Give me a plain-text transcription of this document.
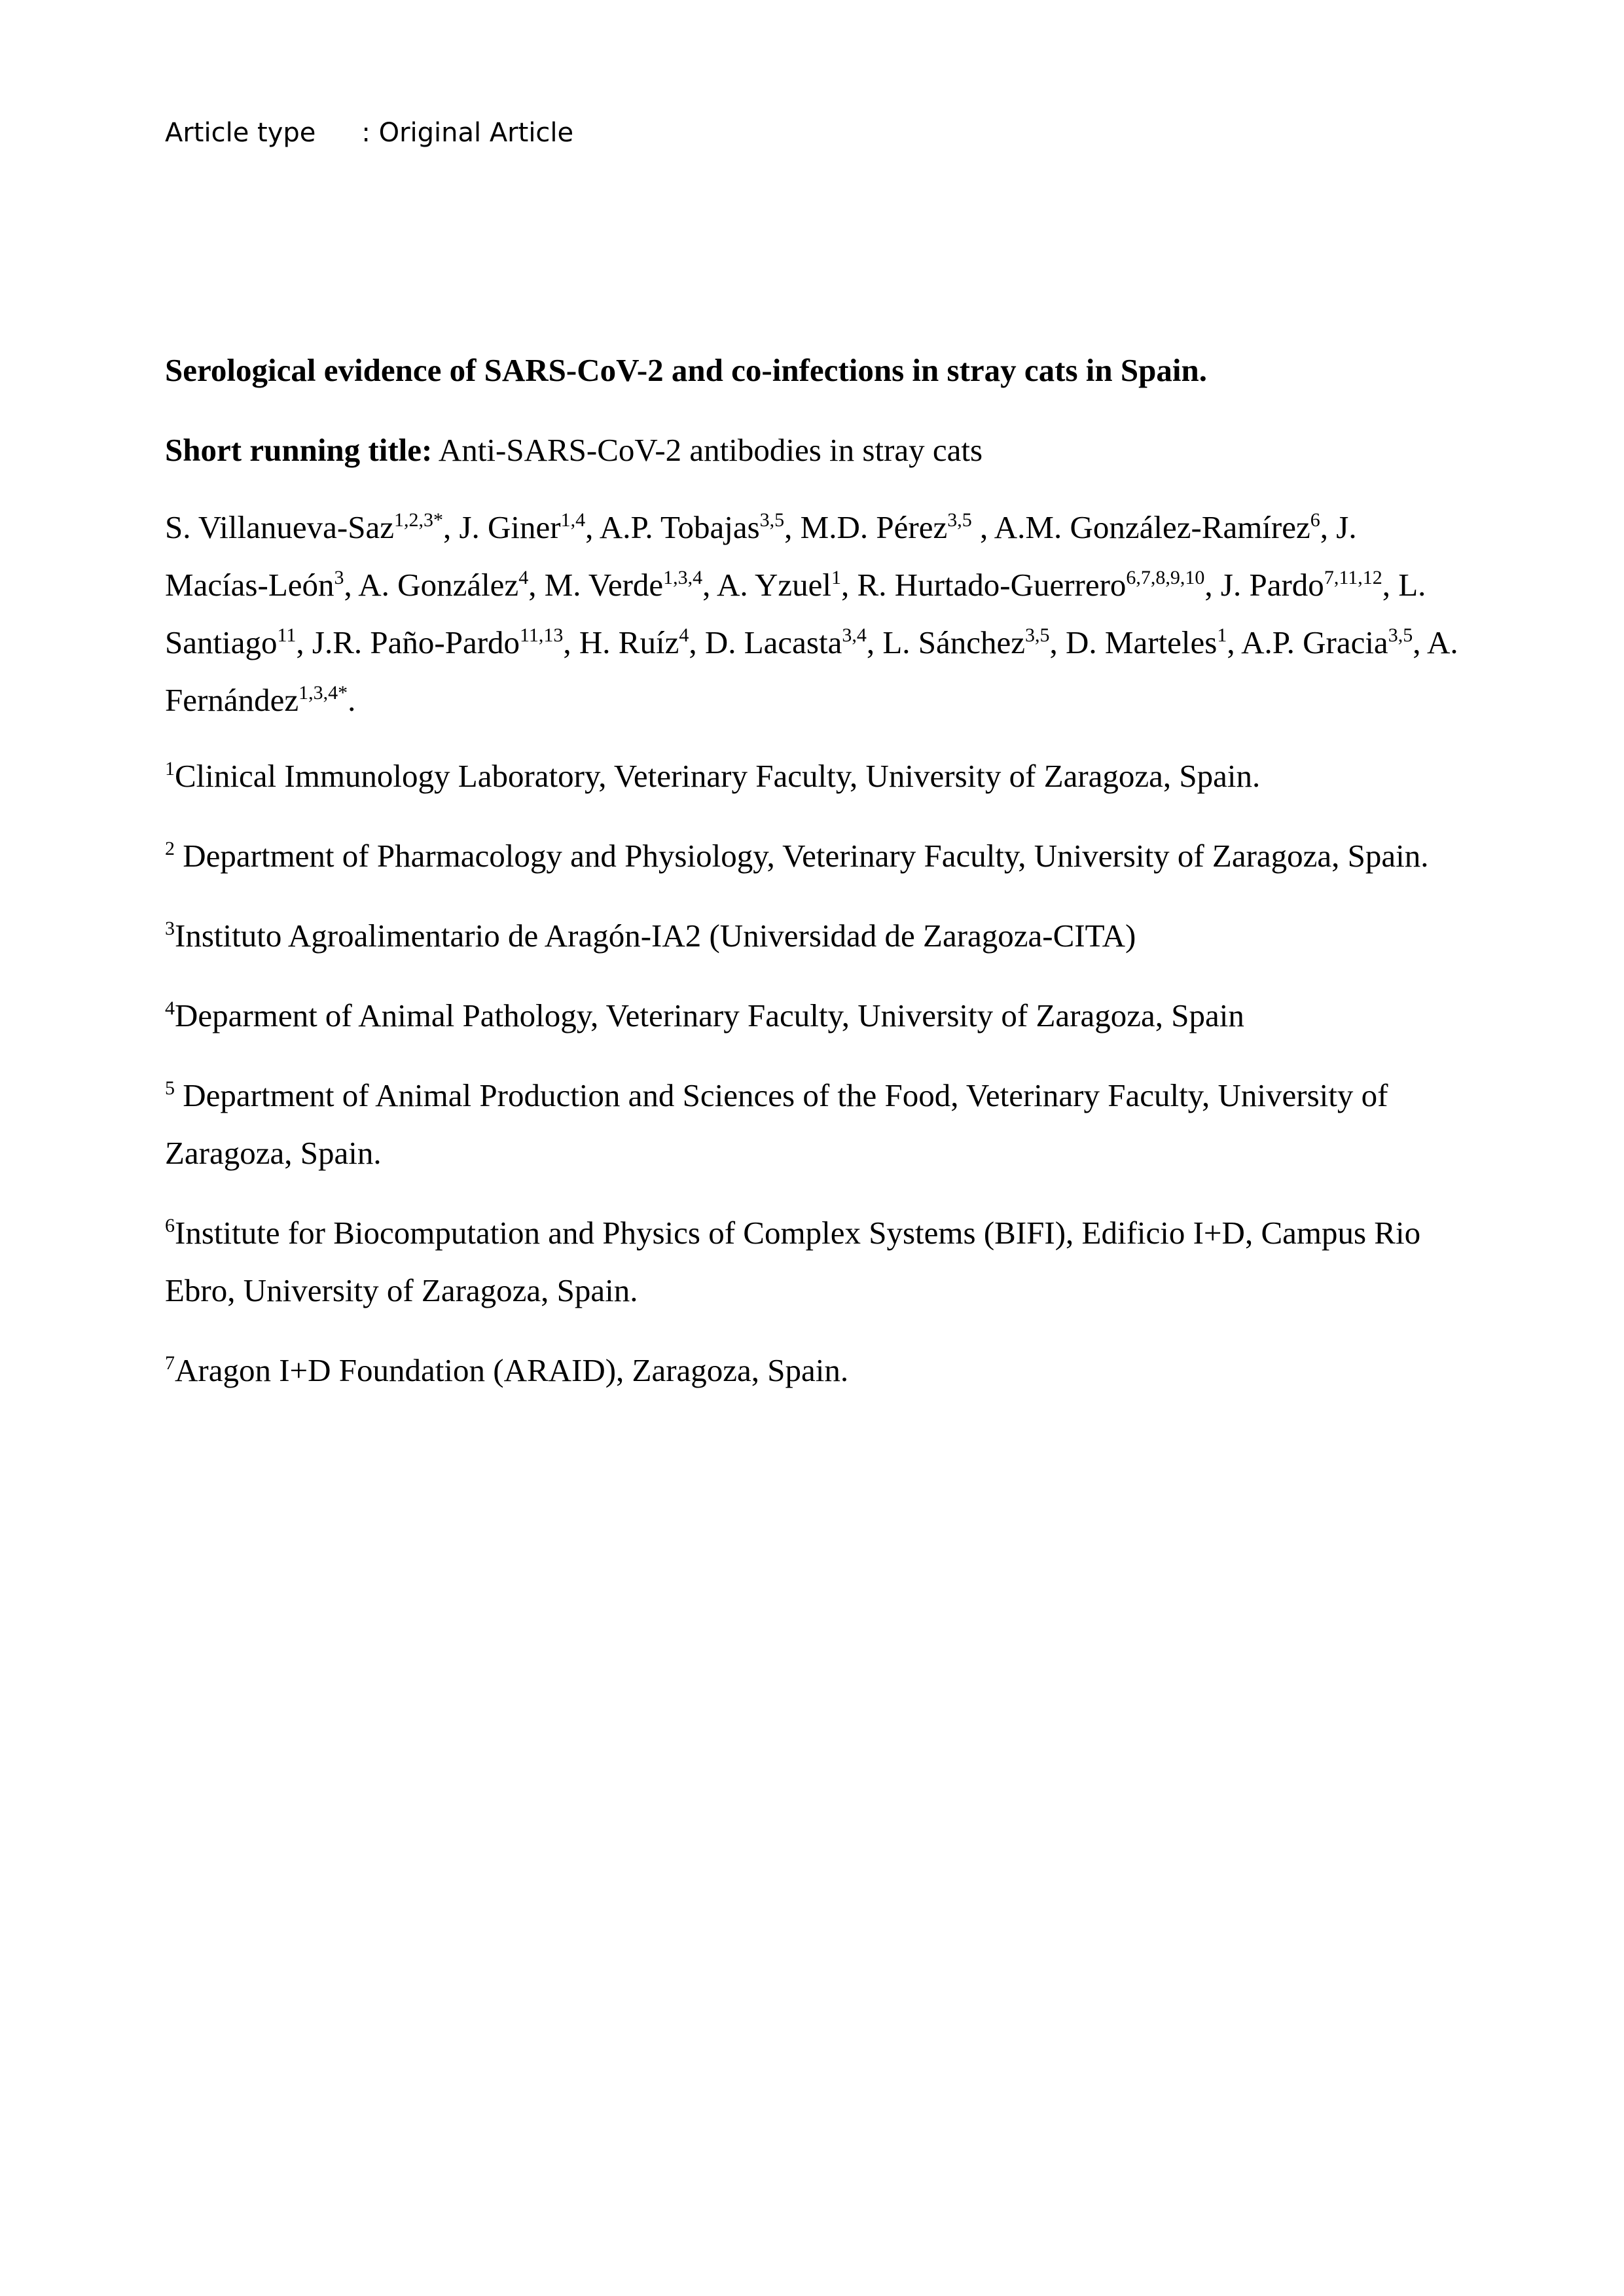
Article type : Original Article
Serological evidence of SARS-CoV-2 and co-infections in stray cats in Spain.
Short running title: Anti-SARS-CoV-2 antibodies in stray cats
S. Villanueva-Saz$^{1,2,3*}$, J. Giner$^{1,4}$, A.P. Tobajas$^{3,5}$, M.D. Pérez$^{3,5}$ , A.M. González-Ramírez$^6$, J. Macías-León$^3$, A. González$^4$, M. Verde$^{1,3,4}$, A. Yzuel$^1$, R. Hurtado-Guerrero$^{6,7,8,9,10}$, J. Pardo$^{7,11,12}$, L. Santiago$^{11}$, J.R. Paño-Pardo$^{11,13}$, H. Ruíz$^4$, D. Lacasta$^{3,4}$, L. Sánchez$^{3,5}$, D. Marteles$^1$, A.P. Gracia$^{3,5}$, A. Fernández$^{1,3,4*}$.
$^1$Clinical Immunology Laboratory, Veterinary Faculty, University of Zaragoza, Spain.
$^2$ Department of Pharmacology and Physiology, Veterinary Faculty, University of Zaragoza, Spain.
$^3$Instituto Agroalimentario de Aragón-IA2 (Universidad de Zaragoza-CITA)
$^4$Deparment of Animal Pathology, Veterinary Faculty, University of Zaragoza, Spain
$^5$ Department of Animal Production and Sciences of the Food, Veterinary Faculty, University of Zaragoza, Spain.
$^6$Institute for Biocomputation and Physics of Complex Systems (BIFI), Edificio I+D, Campus Rio Ebro, University of Zaragoza, Spain.
$^7$Aragon I+D Foundation (ARAID), Zaragoza, Spain.
